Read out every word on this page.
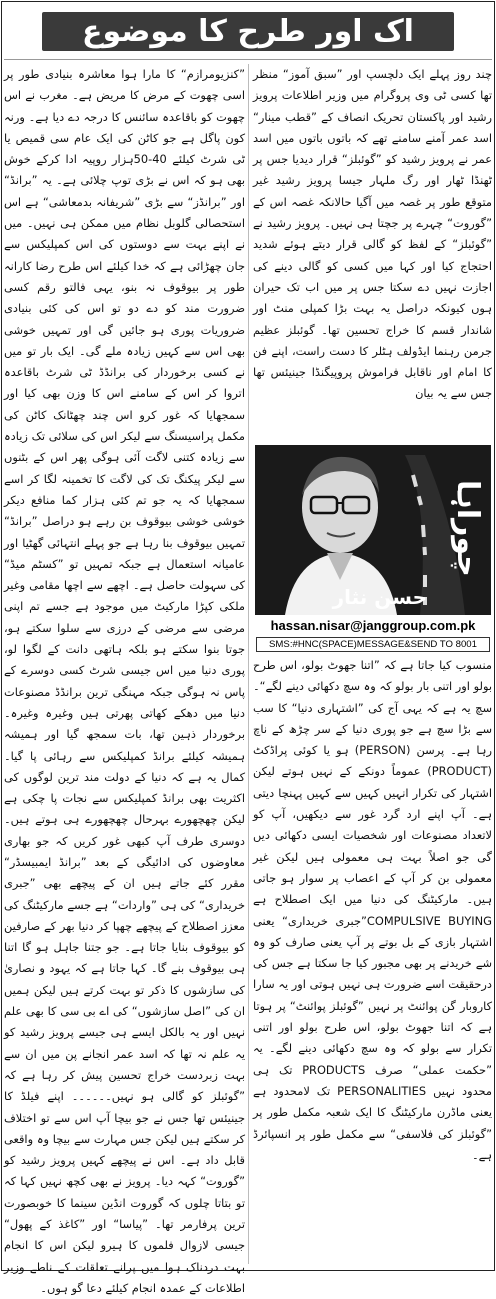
اک اور طرح کا موضوع

چند روز پہلے ایک دلچسپ اور ”سبق آموز“ منظر تھا کسی ٹی وی پروگرام میں وزیر اطلاعات پرویز رشید اور پاکستان تحریک انصاف کے ”قطب مینار“ اسد عمر آمنے سامنے تھے کہ باتوں باتوں میں اسد عمر نے پرویز رشید کو ”گوئبلز“ قرار دیدیا جس پر ٹھنڈا ٹھار اور رگ ملہار جیسا پرویز رشید غیر متوقع طور پر غصہ میں آگیا حالانکہ غصہ اس کے ”گوروت“ چہرے پر جچتا ہی نہیں۔ پرویز رشید نے ”گوئبلز“ کے لفظ کو گالی قرار دیتے ہوئے شدید احتجاج کیا اور کہا میں کسی کو گالی دینے کی اجازت نہیں دے سکتا جس پر میں اب تک حیران ہوں کیونکہ دراصل یہ بہت بڑا کمپلی منٹ اور شاندار قسم کا خراج تحسین تھا۔ گوئبلز عظیم جرمن رہنما ایڈولف ہٹلر کا دست راست، اپنے فن کا امام اور ناقابل فراموش پروپیگنڈا جینیئس تھا جس سے یہ بیان

چوراہا
حسن نثار
hassan.nisar@janggroup.com.pk
SMS:#HNC(SPACE)MESSAGE&SEND TO 8001

منسوب کیا جاتا ہے کہ ”اتنا جھوٹ بولو، اس طرح بولو اور اتنی بار بولو کہ وہ سچ دکھائی دینے لگے“۔ سچ یہ ہے کہ یہی آج کی ”اشتہاری دنیا“ کا سب سے بڑا سچ ہے جو پوری دنیا کے سر چڑھ کے ناچ رہا ہے۔ پرسن (PERSON) ہو یا کوئی پراڈکٹ (PRODUCT) عموماً دونکے کے نہیں ہوتے لیکن اشتہار کی تکرار انہیں کہیں سے کہیں پہنچا دیتی ہے۔ آپ اپنے ارد گرد غور سے دیکھیں، آپ کو لاتعداد مصنوعات اور شخصیات ایسی دکھائی دیں گی جو اصلاً بہت ہی معمولی ہیں لیکن غیر معمولی بن کر آپ کے اعصاب پر سوار ہو جاتی ہیں۔ مارکیٹنگ کی دنیا میں ایک اصطلاح ہے COMPULSIVE BUYING”جبری خریداری“ یعنی اشتہار بازی کے بل بوتے پر آپ یعنی صارف کو وہ شے خریدنے پر بھی مجبور کیا جا سکتا ہے جس کی درحقیقت اسے ضرورت ہی نہیں ہوتی اور یہ سارا کاروبار گن پوائنٹ پر نہیں ”گوئبلز پوائنٹ“ پر ہوتا ہے کہ اتنا جھوٹ بولو، اس طرح بولو اور اتنی تکرار سے بولو کہ وہ سچ دکھائی دینے لگے۔ یہ ”حکمت عملی“ صرف PRODUCTS تک ہی محدود نہیں PERSONALITIES تک لامحدود ہے یعنی ماڈرن مارکیٹنگ کا ایک شعبہ مکمل طور پر ”گوئبلز کی فلاسفی“ سے مکمل طور پر انسپائرڈ ہے۔

”کنزیومرازم“ کا مارا ہوا معاشرہ بنیادی طور پر اسی چھوت کے مرض کا مریض ہے۔ مغرب نے اس چھوت کو باقاعدہ سائنس کا درجہ دے دیا ہے۔ ورنہ کون پاگل ہے جو کاٹن کی ایک عام سی قمیص یا ٹی شرٹ کیلئے 40-50ہزار روپیہ ادا کرکے خوش بھی ہو کہ اس نے بڑی توپ چلائی ہے۔ یہ ”برانڈ“ اور ”برانڈز“ سے بڑی ”شریفانہ بدمعاشی“ ہے اس استحصالی گلوبل نظام میں ممکن ہی نہیں۔ میں نے اپنے بہت سے دوستوں کی اس کمپلیکس سے جان چھڑائی ہے کہ خدا کیلئے اس طرح رضا کارانہ طور پر بیوقوف نہ بنو، یہی فالتو رقم کسی ضرورت مند کو دے دو تو اس کی کئی بنیادی ضروریات پوری ہو جائیں گی اور تمہیں خوشی بھی اس سے کہیں زیادہ ملے گی۔ ایک بار تو میں نے کسی برخوردار کی برانڈڈ ٹی شرٹ باقاعدہ اتروا کر اس کے سامنے اس کا وزن بھی کیا اور سمجھایا کہ غور کرو اس چند چھٹانک کاٹن کی مکمل پراسیسنگ سے لیکر اس کی سلائی تک زیادہ سے زیادہ کتنی لاگت آئی ہوگی پھر اس کے بٹنوں سے لیکر پیکنگ تک کی لاگت کا تخمینہ لگا کر اسے سمجھایا کہ یہ جو تم کئی ہزار کما منافع دیکر خوشی خوشی بیوقوف بن رہے ہو دراصل ”برانڈ“ تمہیں بیوقوف بنا رہا ہے جو پہلے انتہائی گھٹیا اور عامیانہ استعمال ہے جبکہ تمہیں تو ”کسٹم میڈ“ کی سہولت حاصل ہے۔ اچھے سے اچھا مقامی وغیر ملکی کپڑا مارکیٹ میں موجود ہے جسے تم اپنی مرضی سے مرضی کے درزی سے سلوا سکتے ہو، جوتا بنوا سکتے ہو بلکہ ہاتھی دانت کے لگوا لو، پوری دنیا میں اس جیسی شرٹ کسی دوسرے کے پاس نہ ہوگی جبکہ مہنگی ترین برانڈڈ مصنوعات دنیا میں دھکے کھاتی پھرتی ہیں وغیرہ وغیرہ۔ برخوردار ذہین تھا، بات سمجھ گیا اور ہمیشہ ہمیشہ کیلئے برانڈ کمپلیکس سے رہائی پا گیا۔ کمال یہ ہے کہ دنیا کے دولت مند ترین لوگوں کی اکثریت بھی برانڈ کمپلیکس سے نجات پا چکی ہے لیکن چھچھورے بہرحال چھچھورے ہی ہوتے ہیں۔ دوسری طرف آپ کبھی غور کریں کہ جو بھاری معاوضوں کی ادائیگی کے بعد ”برانڈ ایمبیسڈر“ مقرر کئے جاتے ہیں ان کے پیچھے بھی ”جبری خریداری“ کی ہی ”واردات“ ہے جسے مارکیٹنگ کی معزز اصطلاح کے پیچھے چھپا کر دنیا بھر کے صارفین کو بیوقوف بنایا جاتا ہے۔ جو جتنا جاہل ہو گا اتنا ہی بیوقوف بنے گا۔ کہا جاتا ہے کہ یہود و نصاریٰ کی سازشوں کا ذکر تو بہت کرتے ہیں لیکن ہمیں ان کی ”اصل سازشوں“ کی اے بی سی کا بھی علم نہیں اور یہ بالکل ایسے ہی جیسے پرویز رشید کو یہ علم نہ تھا کہ اسد عمر انجانے پن میں ان سے بہت زبردست خراج تحسین پیش کر رہا ہے کہ ”گوئبلز کو گالی ہو نہیں۔۔۔۔۔۔ اپنے فیلڈ کا جینیئس تھا جس نے جو بیچا آپ اس سے تو اختلاف کر سکتے ہیں لیکن جس مہارت سے بیچا وہ واقعی قابل داد ہے۔ اس نے پیچھے کہیں پرویز رشید کو ”گوروت“ کہہ دیا۔ پرویز نے بھی کچھ نہیں کہا کہ تو بتاتا چلوں کہ گوروت انڈین سینما کا خوبصورت ترین پرفارمر تھا۔ ”پیاسا“ اور ”کاغذ کے پھول“ جیسی لازوال فلموں کا ہیرو لیکن اس کا انجام بہت دردناک ہوا میں پرانے تعلقات کے ناطے وزیر اطلاعات کے عمدہ انجام کیلئے دعا گو ہوں۔
